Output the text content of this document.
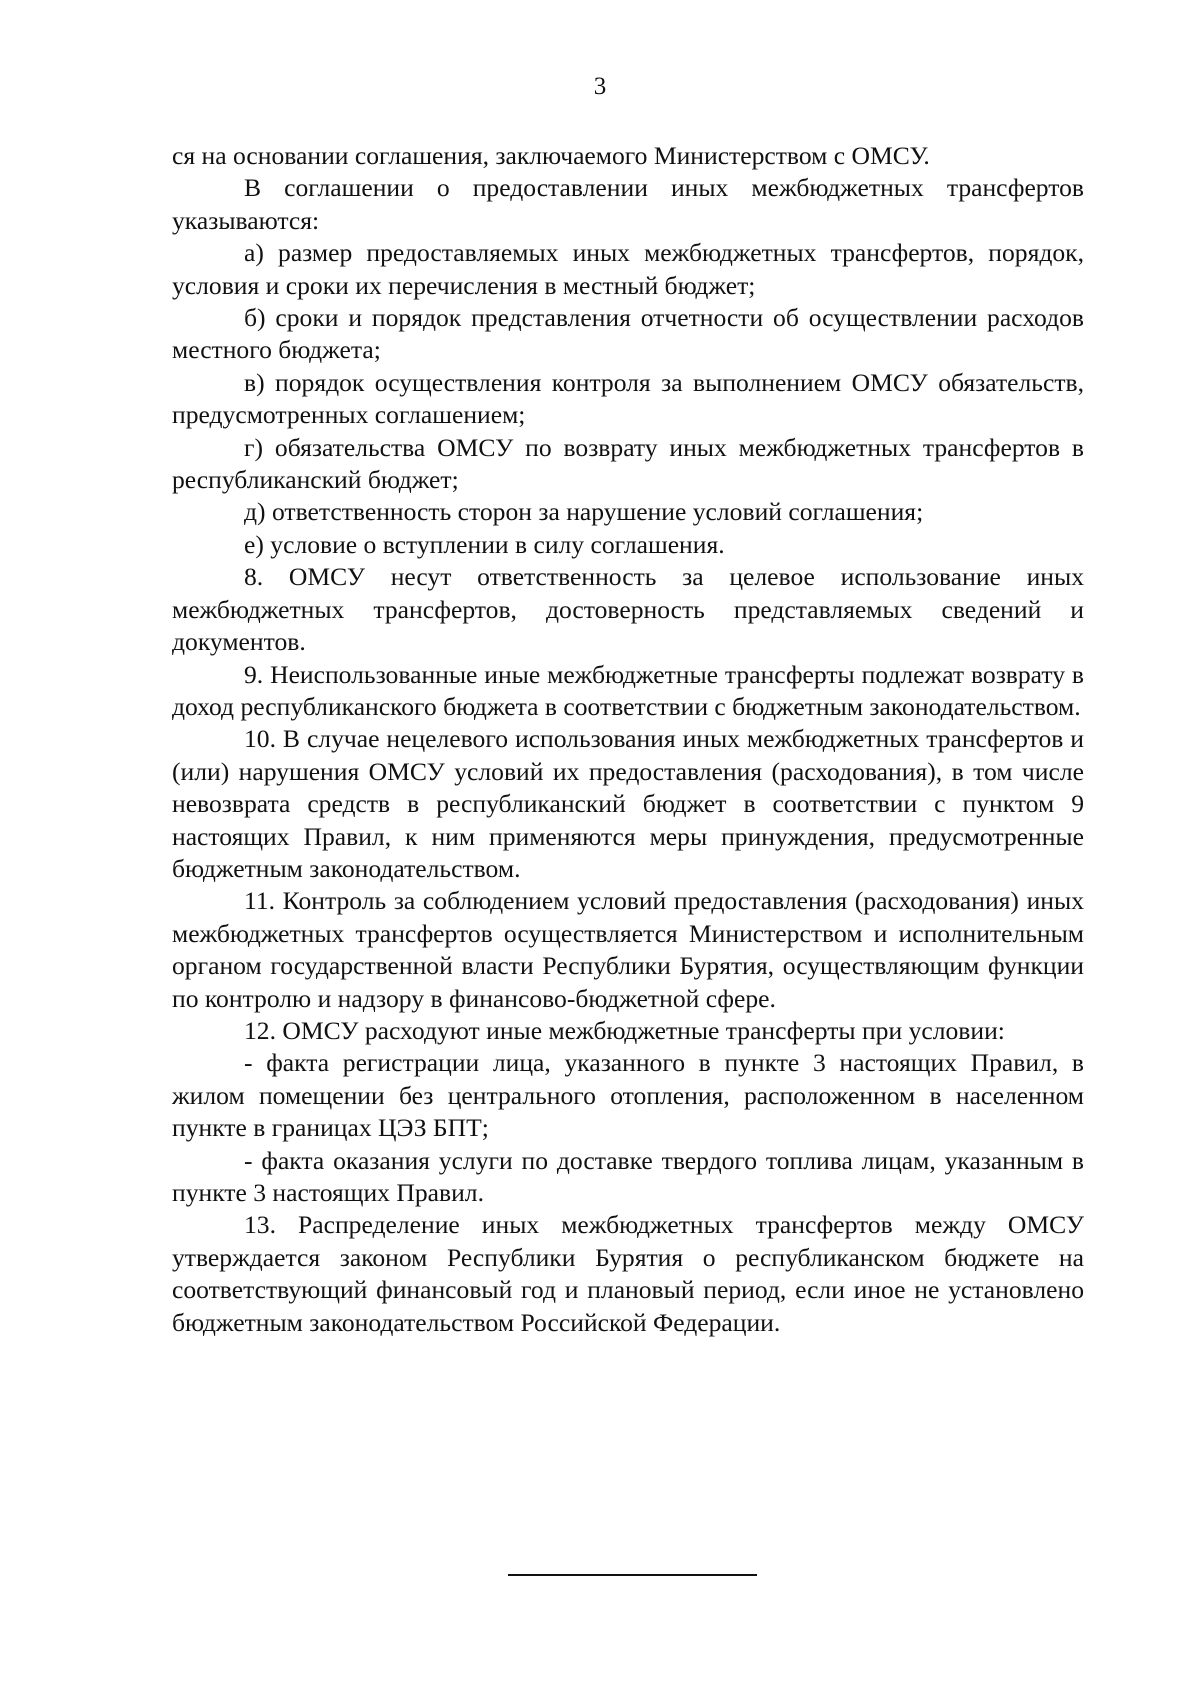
3

ся на основании соглашения, заключаемого Министерством с ОМСУ.

В соглашении о предоставлении иных межбюджетных трансфертов указываются:

а) размер предоставляемых иных межбюджетных трансфертов, порядок, условия и сроки их перечисления в местный бюджет;

б) сроки и порядок представления отчетности об осуществлении расходов местного бюджета;

в) порядок осуществления контроля за выполнением ОМСУ обязательств, предусмотренных соглашением;

г) обязательства ОМСУ по возврату иных межбюджетных трансфертов в республиканский бюджет;

д) ответственность сторон за нарушение условий соглашения;

е) условие о вступлении в силу соглашения.

8. ОМСУ несут ответственность за целевое использование иных межбюджетных трансфертов, достоверность представляемых сведений и документов.

9. Неиспользованные иные межбюджетные трансферты подлежат возврату в доход республиканского бюджета в соответствии с бюджетным законодательством.

10. В случае нецелевого использования иных межбюджетных трансфертов и (или) нарушения ОМСУ условий их предоставления (расходования), в том числе невозврата средств в республиканский бюджет в соответствии с пунктом 9 настоящих Правил, к ним применяются меры принуждения, предусмотренные бюджетным законодательством.

11. Контроль за соблюдением условий предоставления (расходования) иных межбюджетных трансфертов осуществляется Министерством и исполнительным органом государственной власти Республики Бурятия, осуществляющим функции по контролю и надзору в финансово-бюджетной сфере.

12. ОМСУ расходуют иные межбюджетные трансферты при условии:

- факта регистрации лица, указанного в пункте 3 настоящих Правил, в жилом помещении без центрального отопления, расположенном в населенном пункте в границах ЦЭЗ БПТ;

- факта оказания услуги по доставке твердого топлива лицам, указанным в пункте 3 настоящих Правил.

13. Распределение иных межбюджетных трансфертов между ОМСУ утверждается законом Республики Бурятия о республиканском бюджете на соответствующий финансовый год и плановый период, если иное не установлено бюджетным законодательством Российской Федерации.
